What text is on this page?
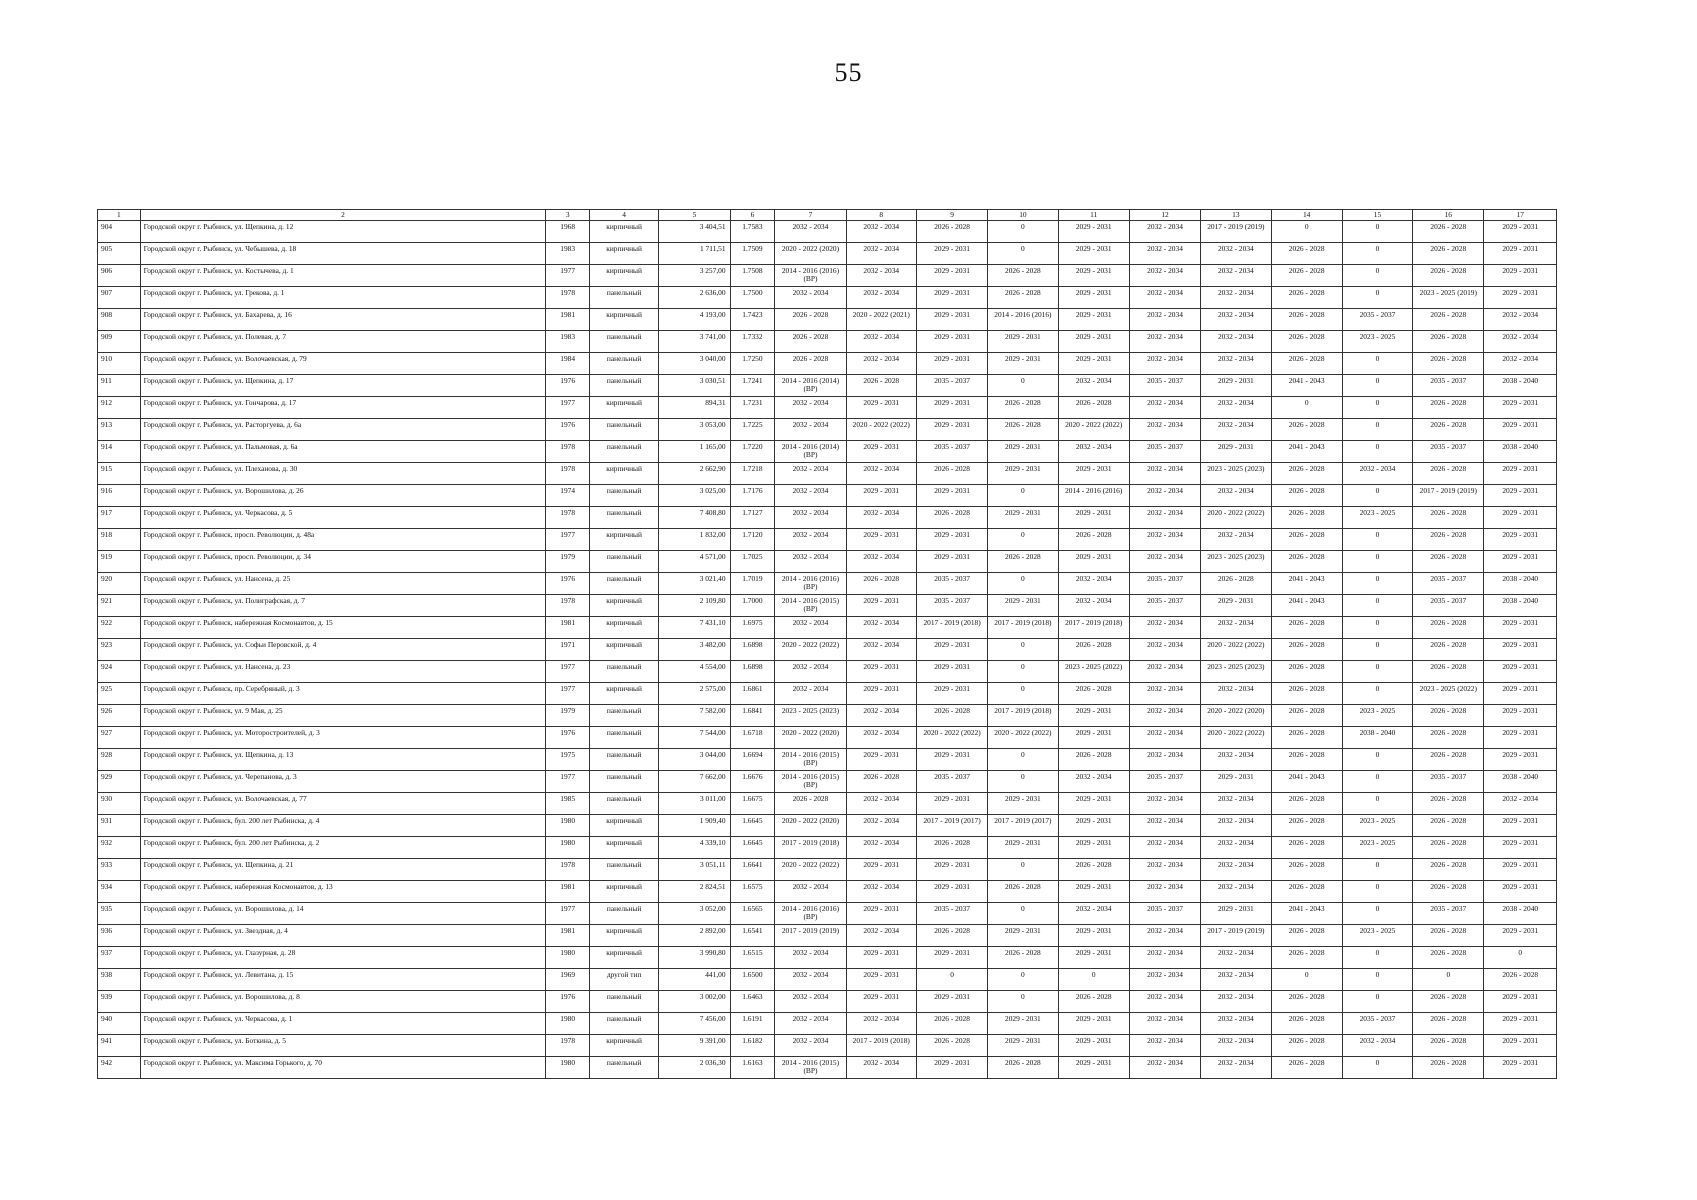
55
1	2	3	4	5	6	7	8	9	10	11	12	13	14	15	16	17

904	Городской округ г. Рыбинск, ул. Щепкина, д. 12	1968	кирпичный	3 404,51	1.7583	2032 - 2034	2032 - 2034	2026 - 2028	0	2029 - 2031	2032 - 2034	2017 - 2019 (2019)	0	0	2026 - 2028	2029 - 2031

905	Городской округ г. Рыбинск, ул. Чебышева, д. 18	1983	кирпичный	1 711,51	1.7509	2020 - 2022 (2020)	2032 - 2034	2029 - 2031	0	2029 - 2031	2032 - 2034	2032 - 2034	2026 - 2028	0	2026 - 2028	2029 - 2031

906	Городской округ г. Рыбинск, ул. Костычева, д. 1	1977	кирпичный	3 257,00	1.7508	2014 - 2016 (2016) (ВР)	2032 - 2034	2029 - 2031	2026 - 2028	2029 - 2031	2032 - 2034	2032 - 2034	2026 - 2028	0	2026 - 2028	2029 - 2031

907	Городской округ г. Рыбинск, ул. Грекова, д. 1	1978	панельный	2 636,00	1.7500	2032 - 2034	2032 - 2034	2029 - 2031	2026 - 2028	2029 - 2031	2032 - 2034	2032 - 2034	2026 - 2028	0	2023 - 2025 (2019)	2029 - 2031

908	Городской округ г. Рыбинск, ул. Бахарева, д. 16	1981	кирпичный	4 193,00	1.7423	2026 - 2028	2020 - 2022 (2021)	2029 - 2031	2014 - 2016 (2016)	2029 - 2031	2032 - 2034	2032 - 2034	2026 - 2028	2035 - 2037	2026 - 2028	2032 - 2034

909	Городской округ г. Рыбинск, ул. Полевая, д. 7	1983	панельный	3 741,00	1.7332	2026 - 2028	2032 - 2034	2029 - 2031	2029 - 2031	2029 - 2031	2032 - 2034	2032 - 2034	2026 - 2028	2023 - 2025	2026 - 2028	2032 - 2034

910	Городской округ г. Рыбинск, ул. Волочаевская, д. 79	1984	панельный	3 040,00	1.7250	2026 - 2028	2032 - 2034	2029 - 2031	2029 - 2031	2029 - 2031	2032 - 2034	2032 - 2034	2026 - 2028	0	2026 - 2028	2032 - 2034

911	Городской округ г. Рыбинск, ул. Щепкина, д. 17	1976	панельный	3 030,51	1.7241	2014 - 2016 (2014) (ВР)	2026 - 2028	2035 - 2037	0	2032 - 2034	2035 - 2037	2029 - 2031	2041 - 2043	0	2035 - 2037	2038 - 2040

912	Городской округ г. Рыбинск, ул. Гончарова, д. 17	1977	кирпичный	894,31	1.7231	2032 - 2034	2029 - 2031	2029 - 2031	2026 - 2028	2026 - 2028	2032 - 2034	2032 - 2034	0	0	2026 - 2028	2029 - 2031

913	Городской округ г. Рыбинск, ул. Расторгуева, д. 6а	1976	панельный	3 053,00	1.7225	2032 - 2034	2020 - 2022 (2022)	2029 - 2031	2026 - 2028	2020 - 2022 (2022)	2032 - 2034	2032 - 2034	2026 - 2028	0	2026 - 2028	2029 - 2031

914	Городской округ г. Рыбинск, ул. Пальмовая, д. 6а	1978	панельный	1 165,00	1.7220	2014 - 2016 (2014) (ВР)	2029 - 2031	2035 - 2037	2029 - 2031	2032 - 2034	2035 - 2037	2029 - 2031	2041 - 2043	0	2035 - 2037	2038 - 2040

915	Городской округ г. Рыбинск, ул. Плеханова, д. 30	1978	кирпичный	2 662,90	1.7218	2032 - 2034	2032 - 2034	2026 - 2028	2029 - 2031	2029 - 2031	2032 - 2034	2023 - 2025 (2023)	2026 - 2028	2032 - 2034	2026 - 2028	2029 - 2031

916	Городской округ г. Рыбинск, ул. Ворошилова, д. 26	1974	панельный	3 025,00	1.7176	2032 - 2034	2029 - 2031	2029 - 2031	0	2014 - 2016 (2016)	2032 - 2034	2032 - 2034	2026 - 2028	0	2017 - 2019 (2019)	2029 - 2031

917	Городской округ г. Рыбинск, ул. Черкасова, д. 5	1978	панельный	7 408,80	1.7127	2032 - 2034	2032 - 2034	2026 - 2028	2029 - 2031	2029 - 2031	2032 - 2034	2020 - 2022 (2022)	2026 - 2028	2023 - 2025	2026 - 2028	2029 - 2031

918	Городской округ г. Рыбинск, просп. Революции, д. 48а	1977	кирпичный	1 832,00	1.7120	2032 - 2034	2029 - 2031	2029 - 2031	0	2026 - 2028	2032 - 2034	2032 - 2034	2026 - 2028	0	2026 - 2028	2029 - 2031

919	Городской округ г. Рыбинск, просп. Революции, д. 34	1979	панельный	4 571,00	1.7025	2032 - 2034	2032 - 2034	2029 - 2031	2026 - 2028	2029 - 2031	2032 - 2034	2023 - 2025 (2023)	2026 - 2028	0	2026 - 2028	2029 - 2031

920	Городской округ г. Рыбинск, ул. Нансена, д. 25	1976	панельный	3 021,40	1.7019	2014 - 2016 (2016) (ВР)	2026 - 2028	2035 - 2037	0	2032 - 2034	2035 - 2037	2026 - 2028	2041 - 2043	0	2035 - 2037	2038 - 2040

921	Городской округ г. Рыбинск, ул. Полиграфская, д. 7	1978	кирпичный	2 109,80	1.7000	2014 - 2016 (2015) (ВР)	2029 - 2031	2035 - 2037	2029 - 2031	2032 - 2034	2035 - 2037	2029 - 2031	2041 - 2043	0	2035 - 2037	2038 - 2040

922	Городской округ г. Рыбинск, набережная Космонавтов, д. 15	1981	кирпичный	7 431,10	1.6975	2032 - 2034	2032 - 2034	2017 - 2019 (2018)	2017 - 2019 (2018)	2017 - 2019 (2018)	2032 - 2034	2032 - 2034	2026 - 2028	0	2026 - 2028	2029 - 2031

923	Городской округ г. Рыбинск, ул. Софьи Перовской, д. 4	1971	кирпичный	3 482,00	1.6898	2020 - 2022 (2022)	2032 - 2034	2029 - 2031	0	2026 - 2028	2032 - 2034	2020 - 2022 (2022)	2026 - 2028	0	2026 - 2028	2029 - 2031

924	Городской округ г. Рыбинск, ул. Нансена, д. 23	1977	панельный	4 554,00	1.6898	2032 - 2034	2029 - 2031	2029 - 2031	0	2023 - 2025 (2022)	2032 - 2034	2023 - 2025 (2023)	2026 - 2028	0	2026 - 2028	2029 - 2031

925	Городской округ г. Рыбинск, пр. Серебряный, д. 3	1977	кирпичный	2 575,00	1.6861	2032 - 2034	2029 - 2031	2029 - 2031	0	2026 - 2028	2032 - 2034	2032 - 2034	2026 - 2028	0	2023 - 2025 (2022)	2029 - 2031

926	Городской округ г. Рыбинск, ул. 9 Мая, д. 25	1979	панельный	7 582,00	1.6841	2023 - 2025 (2023)	2032 - 2034	2026 - 2028	2017 - 2019 (2018)	2029 - 2031	2032 - 2034	2020 - 2022 (2020)	2026 - 2028	2023 - 2025	2026 - 2028	2029 - 2031

927	Городской округ г. Рыбинск, ул. Моторостроителей, д. 3	1976	панельный	7 544,00	1.6718	2020 - 2022 (2020)	2032 - 2034	2020 - 2022 (2022)	2020 - 2022 (2022)	2029 - 2031	2032 - 2034	2020 - 2022 (2022)	2026 - 2028	2038 - 2040	2026 - 2028	2029 - 2031

928	Городской округ г. Рыбинск, ул. Щепкина, д. 13	1975	панельный	3 044,00	1.6694	2014 - 2016 (2015) (ВР)	2029 - 2031	2029 - 2031	0	2026 - 2028	2032 - 2034	2032 - 2034	2026 - 2028	0	2026 - 2028	2029 - 2031

929	Городской округ г. Рыбинск, ул. Черепанова, д. 3	1977	панельный	7 662,00	1.6676	2014 - 2016 (2015) (ВР)	2026 - 2028	2035 - 2037	0	2032 - 2034	2035 - 2037	2029 - 2031	2041 - 2043	0	2035 - 2037	2038 - 2040

930	Городской округ г. Рыбинск, ул. Волочаевская, д. 77	1985	панельный	3 011,00	1.6675	2026 - 2028	2032 - 2034	2029 - 2031	2029 - 2031	2029 - 2031	2032 - 2034	2032 - 2034	2026 - 2028	0	2026 - 2028	2032 - 2034

931	Городской округ г. Рыбинск, бул. 200 лет Рыбинска, д. 4	1980	кирпичный	1 909,40	1.6645	2020 - 2022 (2020)	2032 - 2034	2017 - 2019 (2017)	2017 - 2019 (2017)	2029 - 2031	2032 - 2034	2032 - 2034	2026 - 2028	2023 - 2025	2026 - 2028	2029 - 2031

932	Городской округ г. Рыбинск, бул. 200 лет Рыбинска, д. 2	1980	кирпичный	4 339,10	1.6645	2017 - 2019 (2018)	2032 - 2034	2026 - 2028	2029 - 2031	2029 - 2031	2032 - 2034	2032 - 2034	2026 - 2028	2023 - 2025	2026 - 2028	2029 - 2031

933	Городской округ г. Рыбинск, ул. Щепкина, д. 21	1978	панельный	3 051,11	1.6641	2020 - 2022 (2022)	2029 - 2031	2029 - 2031	0	2026 - 2028	2032 - 2034	2032 - 2034	2026 - 2028	0	2026 - 2028	2029 - 2031

934	Городской округ г. Рыбинск, набережная Космонавтов, д. 13	1981	кирпичный	2 824,51	1.6575	2032 - 2034	2032 - 2034	2029 - 2031	2026 - 2028	2029 - 2031	2032 - 2034	2032 - 2034	2026 - 2028	0	2026 - 2028	2029 - 2031

935	Городской округ г. Рыбинск, ул. Ворошилова, д. 14	1977	панельный	3 052,00	1.6565	2014 - 2016 (2016) (ВР)	2029 - 2031	2035 - 2037	0	2032 - 2034	2035 - 2037	2029 - 2031	2041 - 2043	0	2035 - 2037	2038 - 2040

936	Городской округ г. Рыбинск, ул. Звездная, д. 4	1981	кирпичный	2 892,00	1.6541	2017 - 2019 (2019)	2032 - 2034	2026 - 2028	2029 - 2031	2029 - 2031	2032 - 2034	2017 - 2019 (2019)	2026 - 2028	2023 - 2025	2026 - 2028	2029 - 2031

937	Городской округ г. Рыбинск, ул. Глазурная, д. 28	1980	кирпичный	3 990,80	1.6515	2032 - 2034	2029 - 2031	2029 - 2031	2026 - 2028	2029 - 2031	2032 - 2034	2032 - 2034	2026 - 2028	0	2026 - 2028	0

938	Городской округ г. Рыбинск, ул. Левитана, д. 15	1969	другой тип	441,00	1.6500	2032 - 2034	2029 - 2031	0	0	0	2032 - 2034	2032 - 2034	0	0	0	2026 - 2028

939	Городской округ г. Рыбинск, ул. Ворошилова, д. 8	1976	панельный	3 002,00	1.6463	2032 - 2034	2029 - 2031	2029 - 2031	0	2026 - 2028	2032 - 2034	2032 - 2034	2026 - 2028	0	2026 - 2028	2029 - 2031

940	Городской округ г. Рыбинск, ул. Черкасова, д. 1	1980	панельный	7 456,00	1.6191	2032 - 2034	2032 - 2034	2026 - 2028	2029 - 2031	2029 - 2031	2032 - 2034	2032 - 2034	2026 - 2028	2035 - 2037	2026 - 2028	2029 - 2031

941	Городской округ г. Рыбинск, ул. Боткина, д. 5	1978	кирпичный	9 391,00	1.6182	2032 - 2034	2017 - 2019 (2018)	2026 - 2028	2029 - 2031	2029 - 2031	2032 - 2034	2032 - 2034	2026 - 2028	2032 - 2034	2026 - 2028	2029 - 2031

942	Городской округ г. Рыбинск, ул. Максима Горького, д. 70	1980	панельный	2 036,30	1.6163	2014 - 2016 (2015) (ВР)	2032 - 2034	2029 - 2031	2026 - 2028	2029 - 2031	2032 - 2034	2032 - 2034	2026 - 2028	0	2026 - 2028	2029 - 2031
